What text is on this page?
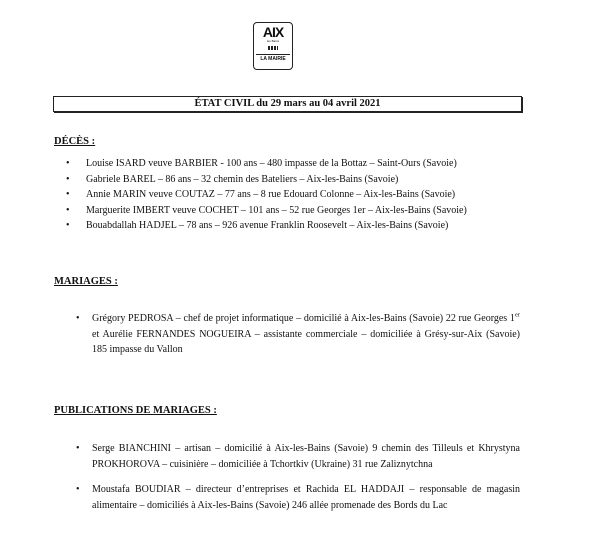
AIX
les Bains
LA MAIRIE
ÉTAT CIVIL du 29 mars au 04 avril 2021
DÉCÈS :
• Louise ISARD veuve BARBIER - 100 ans – 480 impasse de la Bottaz – Saint-Ours (Savoie)
• Gabriele BAREL – 86 ans – 32 chemin des Bateliers – Aix-les-Bains (Savoie)
• Annie MARIN veuve COUTAZ – 77 ans – 8 rue Edouard Colonne – Aix-les-Bains (Savoie)
• Marguerite IMBERT veuve COCHET – 101 ans – 52 rue Georges 1er – Aix-les-Bains (Savoie)
• Bouabdallah HADJEL – 78 ans – 926 avenue Franklin Roosevelt – Aix-les-Bains (Savoie)
MARIAGES :
• Grégory PEDROSA – chef de projet informatique – domicilié à Aix-les-Bains (Savoie) 22 rue Georges 1er et Aurélie FERNANDES NOGUEIRA – assistante commerciale – domiciliée à Grésy-sur-Aix (Savoie) 185 impasse du Vallon
PUBLICATIONS DE MARIAGES :
• Serge BIANCHINI – artisan – domicilié à Aix-les-Bains (Savoie) 9 chemin des Tilleuls et Khrystyna PROKHOROVA – cuisinière – domiciliée à Tchortkiv (Ukraine) 31 rue Zaliznytchna
• Moustafa BOUDIAR – directeur d’entreprises et Rachida EL HADDAJI – responsable de magasin alimentaire – domiciliés à Aix-les-Bains (Savoie) 246 allée promenade des Bords du Lac
